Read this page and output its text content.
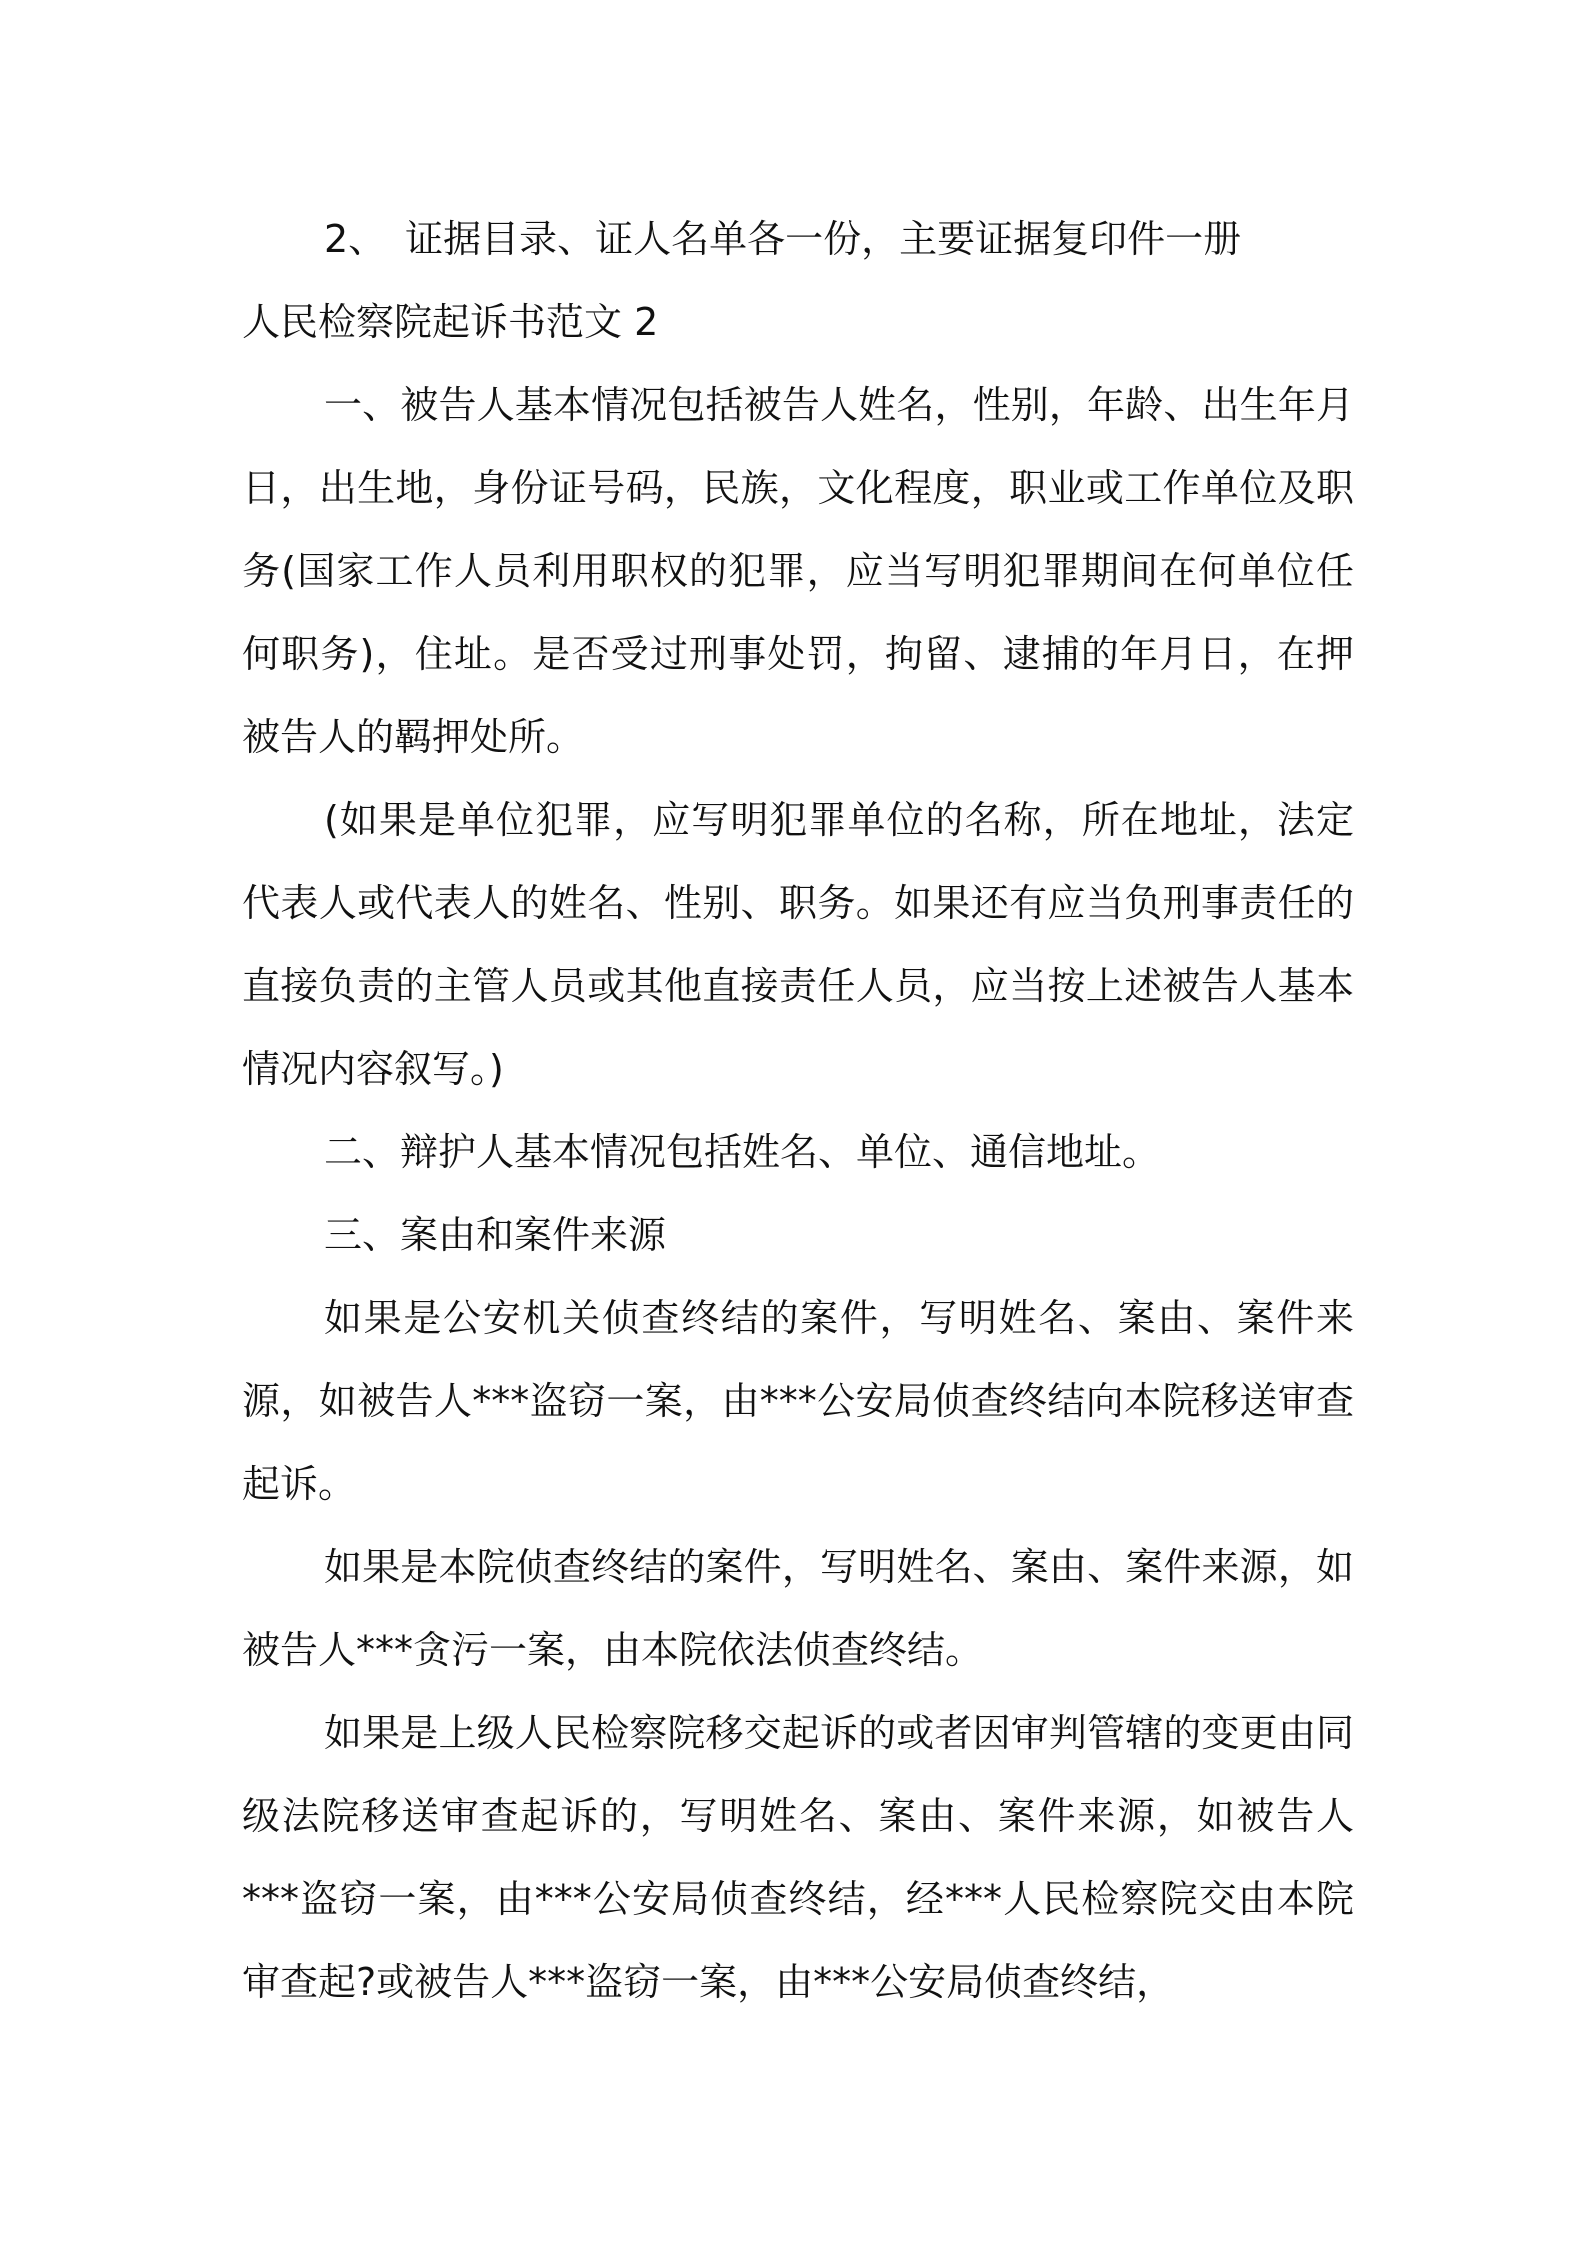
2、　证据目录、证人名单各一份，主要证据复印件一册

人民检察院起诉书范文 2

一、被告人基本情况包括被告人姓名，性别，年龄、出生年月日，出生地，身份证号码，民族，文化程度，职业或工作单位及职务(国家工作人员利用职权的犯罪，应当写明犯罪期间在何单位任何职务)，住址。是否受过刑事处罚，拘留、逮捕的年月日，在押被告人的羁押处所。

(如果是单位犯罪，应写明犯罪单位的名称，所在地址，法定代表人或代表人的姓名、性别、职务。如果还有应当负刑事责任的直接负责的主管人员或其他直接责任人员，应当按上述被告人基本情况内容叙写。)

二、辩护人基本情况包括姓名、单位、通信地址。

三、案由和案件来源

如果是公安机关侦查终结的案件，写明姓名、案由、案件来源，如被告人***盗窃一案，由***公安局侦查终结向本院移送审查起诉。

如果是本院侦查终结的案件，写明姓名、案由、案件来源，如被告人***贪污一案，由本院依法侦查终结。

如果是上级人民检察院移交起诉的或者因审判管辖的变更由同级法院移送审查起诉的，写明姓名、案由、案件来源，如被告人***盗窃一案，由***公安局侦查终结，经***人民检察院交由本院审查起?或被告人***盗窃一案，由***公安局侦查终结，
